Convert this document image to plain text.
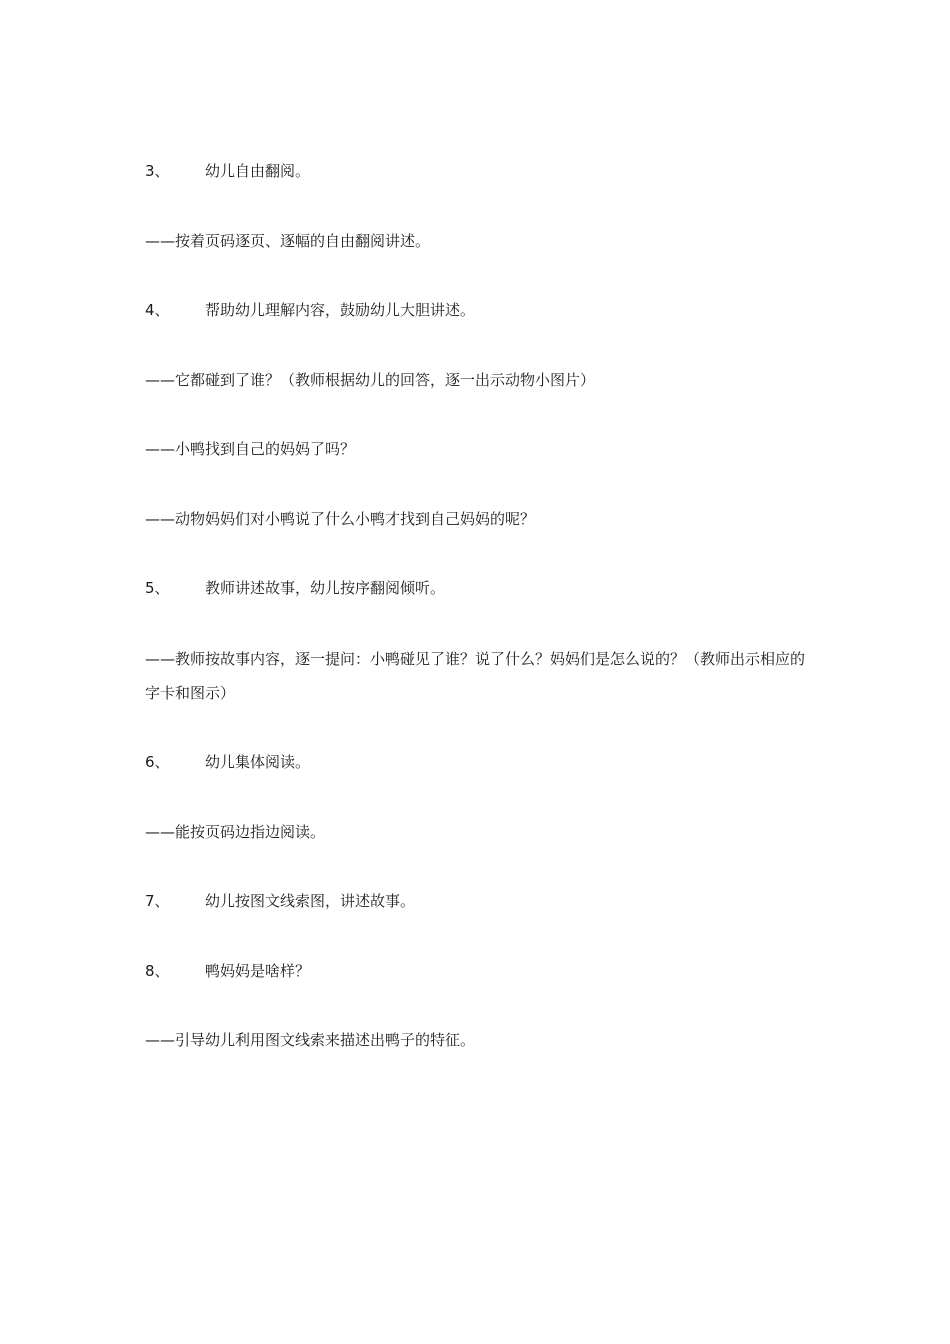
3、 幼儿自由翻阅。
——按着页码逐页、逐幅的自由翻阅讲述。
4、 帮助幼儿理解内容，鼓励幼儿大胆讲述。
——它都碰到了谁？（教师根据幼儿的回答，逐一出示动物小图片）
——小鸭找到自己的妈妈了吗？
——动物妈妈们对小鸭说了什么小鸭才找到自己妈妈的呢？
5、 教师讲述故事，幼儿按序翻阅倾听。
——教师按故事内容，逐一提问：小鸭碰见了谁？说了什么？妈妈们是怎么说的？（教师出示相应的字卡和图示）
6、 幼儿集体阅读。
——能按页码边指边阅读。
7、 幼儿按图文线索图，讲述故事。
8、 鸭妈妈是啥样？
——引导幼儿利用图文线索来描述出鸭子的特征。
